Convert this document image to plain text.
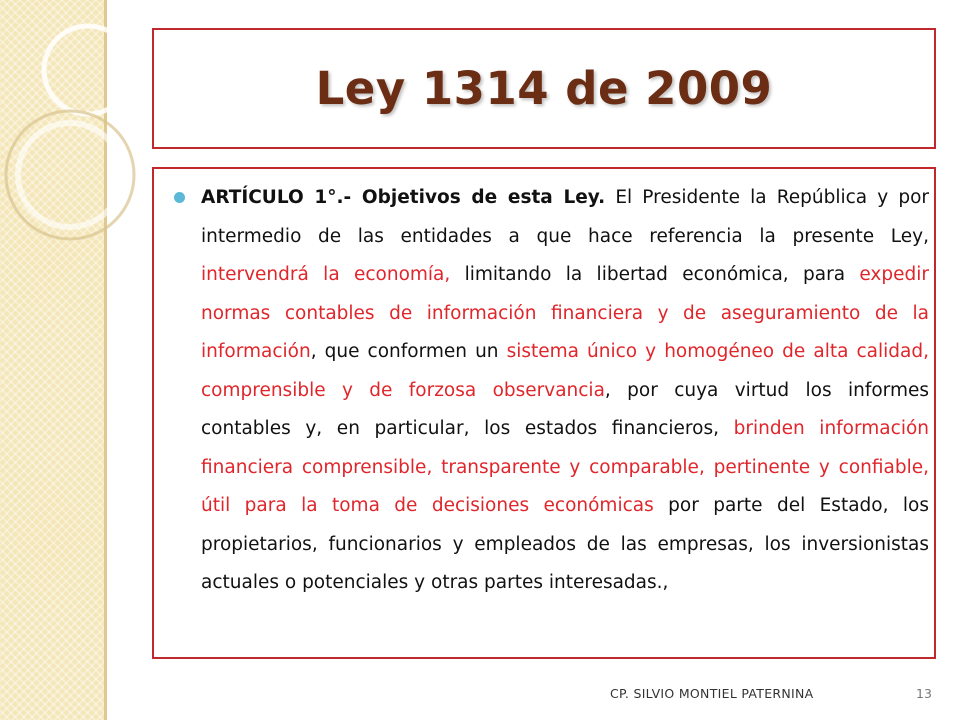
Ley 1314 de 2009

ARTÍCULO 1°.- Objetivos de esta Ley. El Presidente la República y por intermedio de las entidades a que hace referencia la presente Ley, intervendrá la economía, limitando la libertad económica, para expedir normas contables de información financiera y de aseguramiento de la información, que conformen un sistema único y homogéneo de alta calidad, comprensible y de forzosa observancia, por cuya virtud los informes contables y, en particular, los estados financieros, brinden información financiera comprensible, transparente y comparable, pertinente y confiable, útil para la toma de decisiones económicas por parte del Estado, los propietarios, funcionarios y empleados de las empresas, los inversionistas actuales o potenciales y otras partes interesadas.,

CP. SILVIO MONTIEL PATERNINA	13
